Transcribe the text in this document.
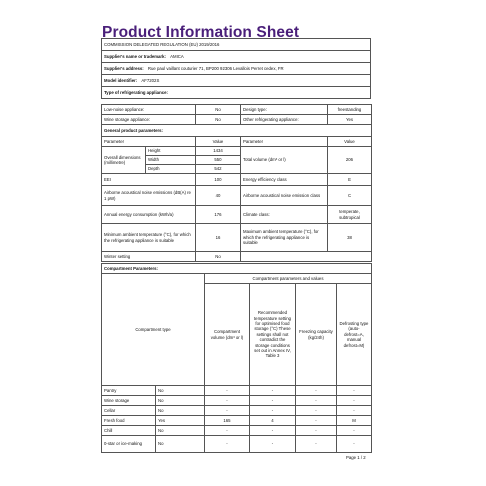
Product Information Sheet
COMMISSION DELEGATED REGULATION (EU) 2019/2016
Supplier's name or trademark: AMICA
Supplier's address: Rue paul vaillant couturier 71, BP200 92306 Levallois Perret cedex, FR
Model identifier: AF7202S
Type of refrigerating appliance:
Low-noise appliance:	No	Design type:	freestanding
Wine storage appliance:	No	Other refrigerating appliance:	Yes
General product parameters:				
Parameter		Value	Parameter	Value
Overall dimensions (millimetre)	Height	1434	Total volume (dm³ or l)	206
	Width	550		
	Depth	542		
EEI		100	Energy efficiency class	E
Airborne acoustical noise emissions (dB(A) re 1 pW)		40	Airborne acoustical noise emission class	C
Annual energy consumption (kWh/a)		176	Climate class:	temperate, subtropical
Minimum ambient temperature (°C), for which the refrigerating appliance is suitable		16	Maximum ambient temperature (°C), for which the refrigerating appliance is suitable	38
Winter setting		No		
Compartment Parameters:					
Compartment type		Compartment parameters and values			
		Compartment volume (dm³ or l)	Recommended temperature setting for optimised food storage (°C) These settings shall not contradict the storage conditions set out in Annex IV, Table 3	Freezing capacity (kg/24h)	Defrosting type (auto-defrost=A, manual defrost=M)
Pantry	No	-	-	-	-
Wine storage	No	-	-	-	-
Cellar	No	-	-	-	-
Fresh food	Yes	165	4	-	M
Chill	No	-	-	-	-
0-star or ice-making	No	-	-	-	-
Page 1 / 2
